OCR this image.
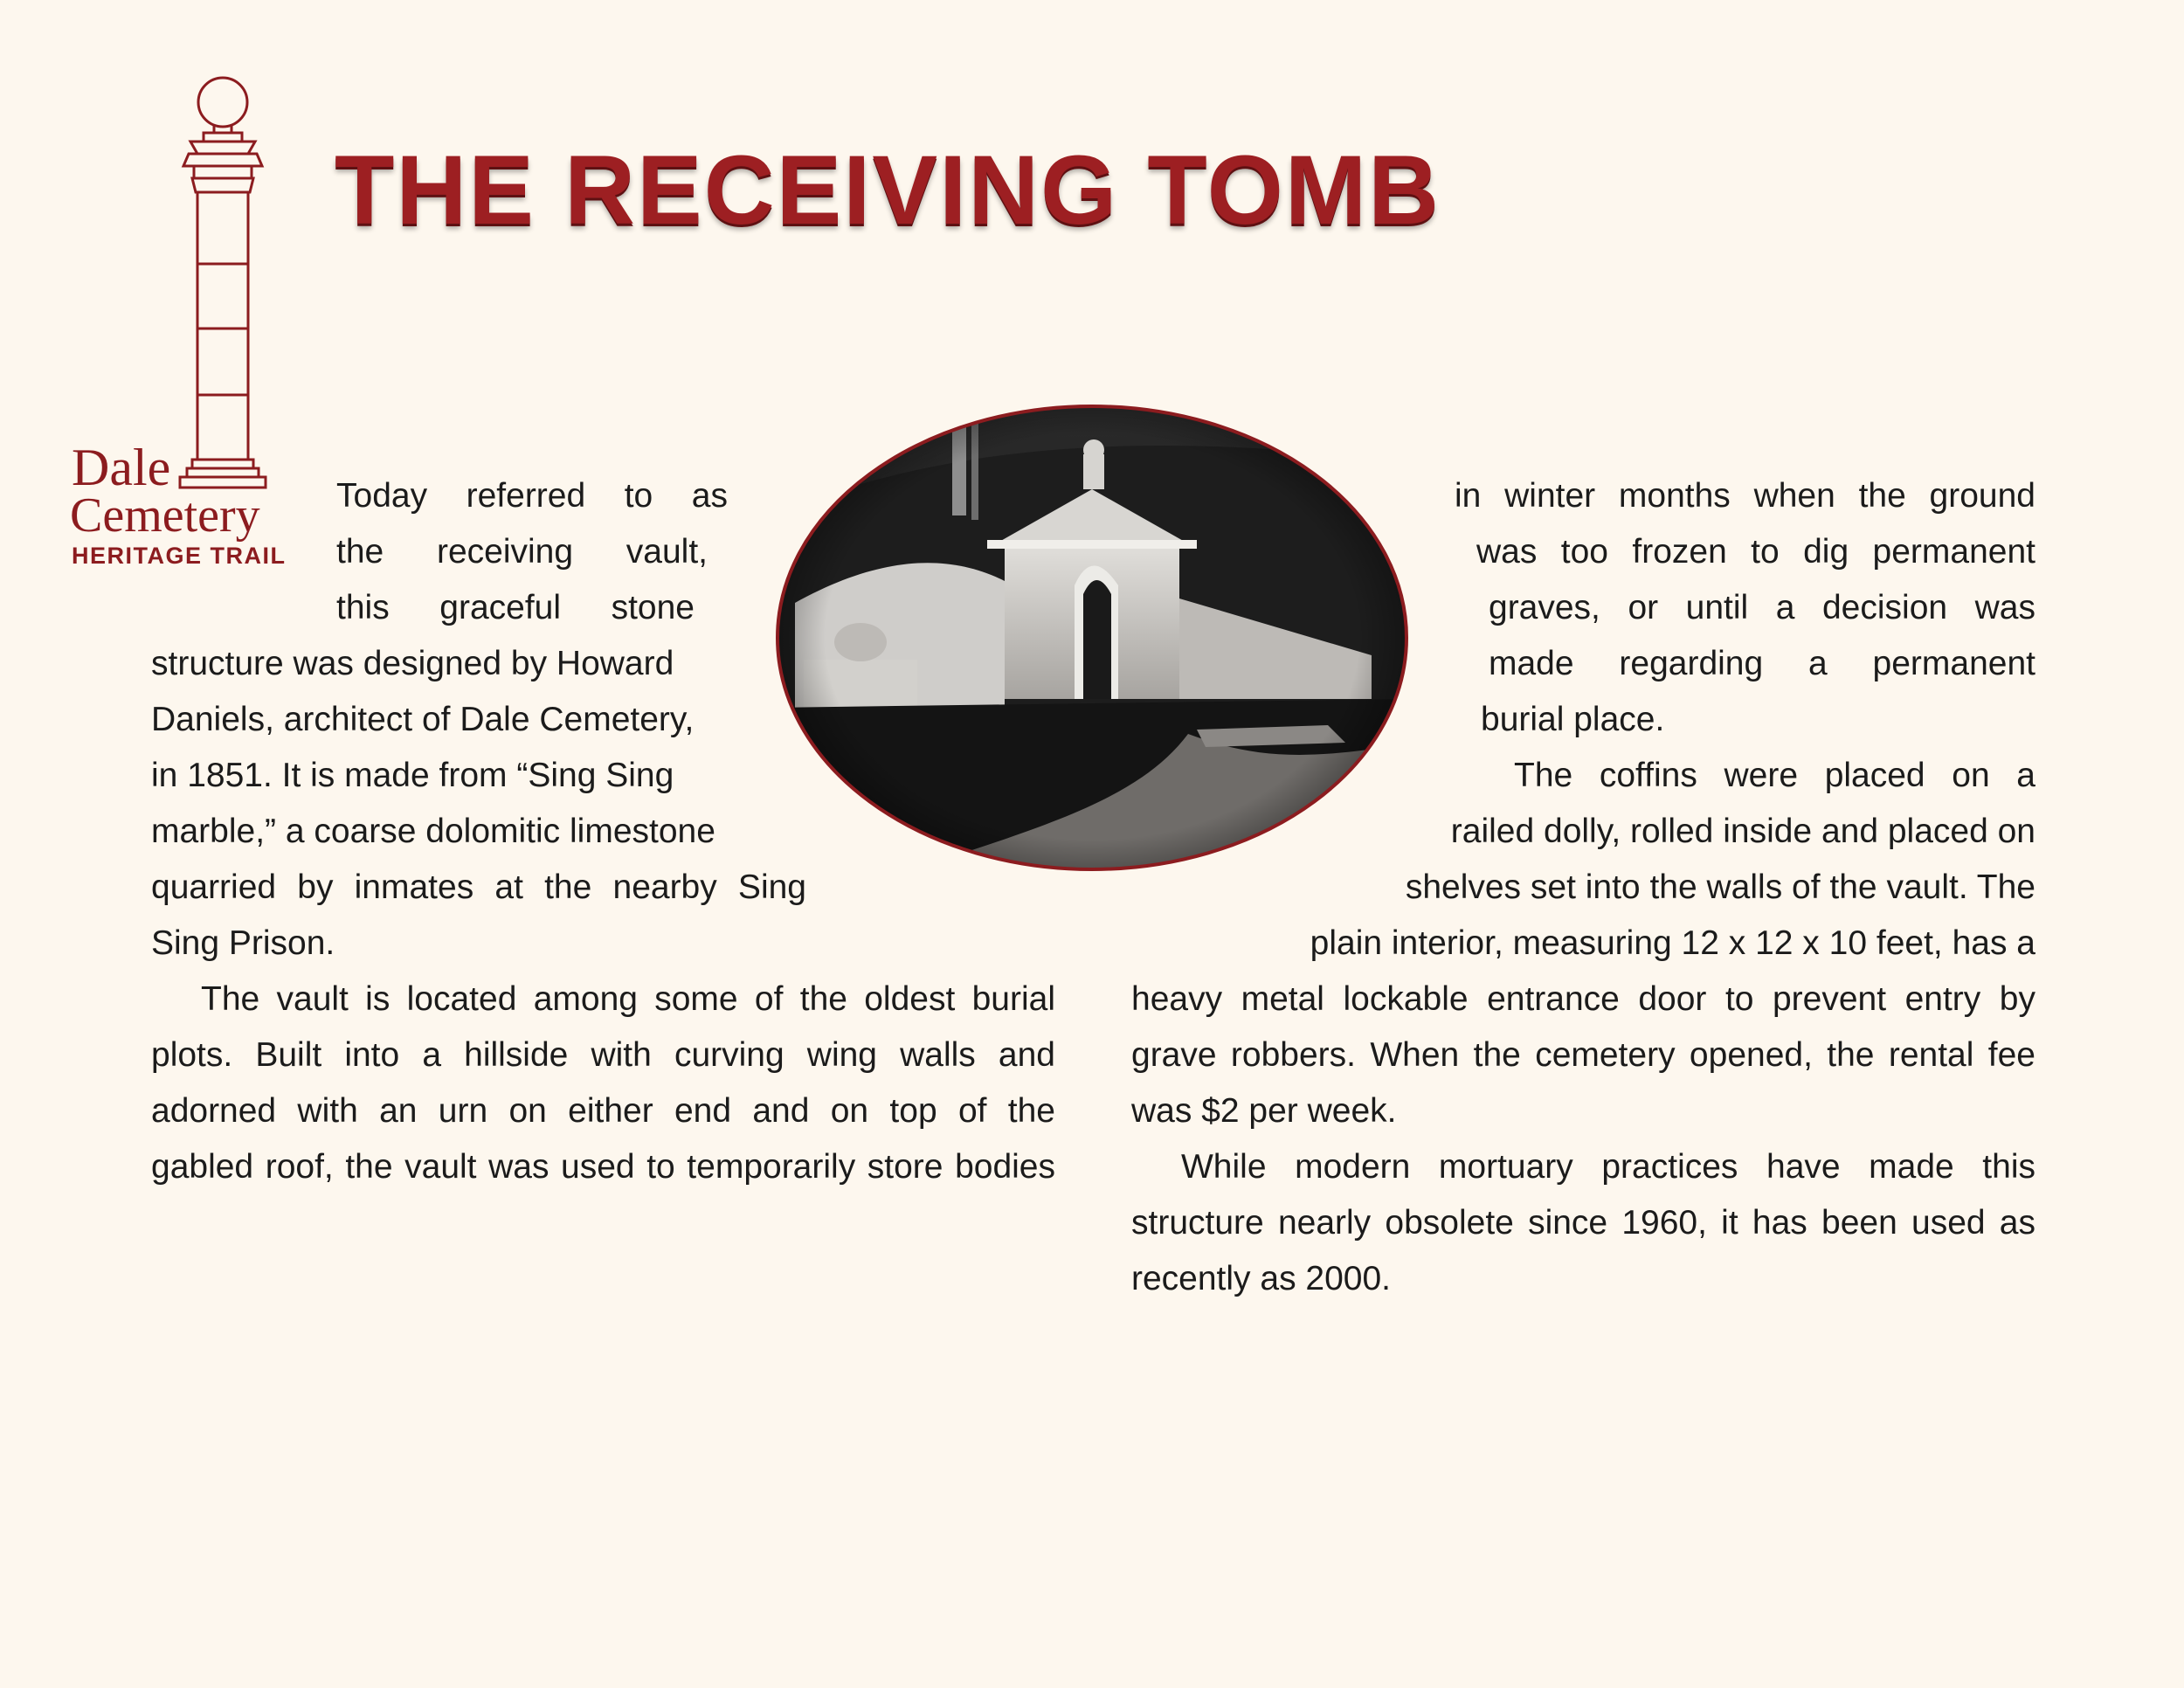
Dale
Cemetery
HERITAGE TRAIL
THE RECEIVING TOMB

Today referred to as

the receiving vault,

this graceful stone

structure was designed by Howard

Daniels, architect of Dale Cemetery,

in 1851. It is made from “Sing Sing

marble,” a coarse dolomitic limestone

quarried by inmates at the nearby Sing

Sing Prison.

The vault is located among some of the oldest burial

plots. Built into a hillside with curving wing walls and

adorned with an urn on either end and on top of the

gabled roof, the vault was used to temporarily store bodies

in winter months when the ground

was too frozen to dig permanent

graves, or until a decision was

made regarding a permanent

burial place.

The coffins were placed on a

railed dolly, rolled inside and placed on

shelves set into the walls of the vault. The

plain interior, measuring 12 x 12 x 10 feet, has a

heavy metal lockable entrance door to prevent entry by

grave robbers. When the cemetery opened, the rental fee

was $2 per week.

While modern mortuary practices have made this

structure nearly obsolete since 1960, it has been used as

recently as 2000.
